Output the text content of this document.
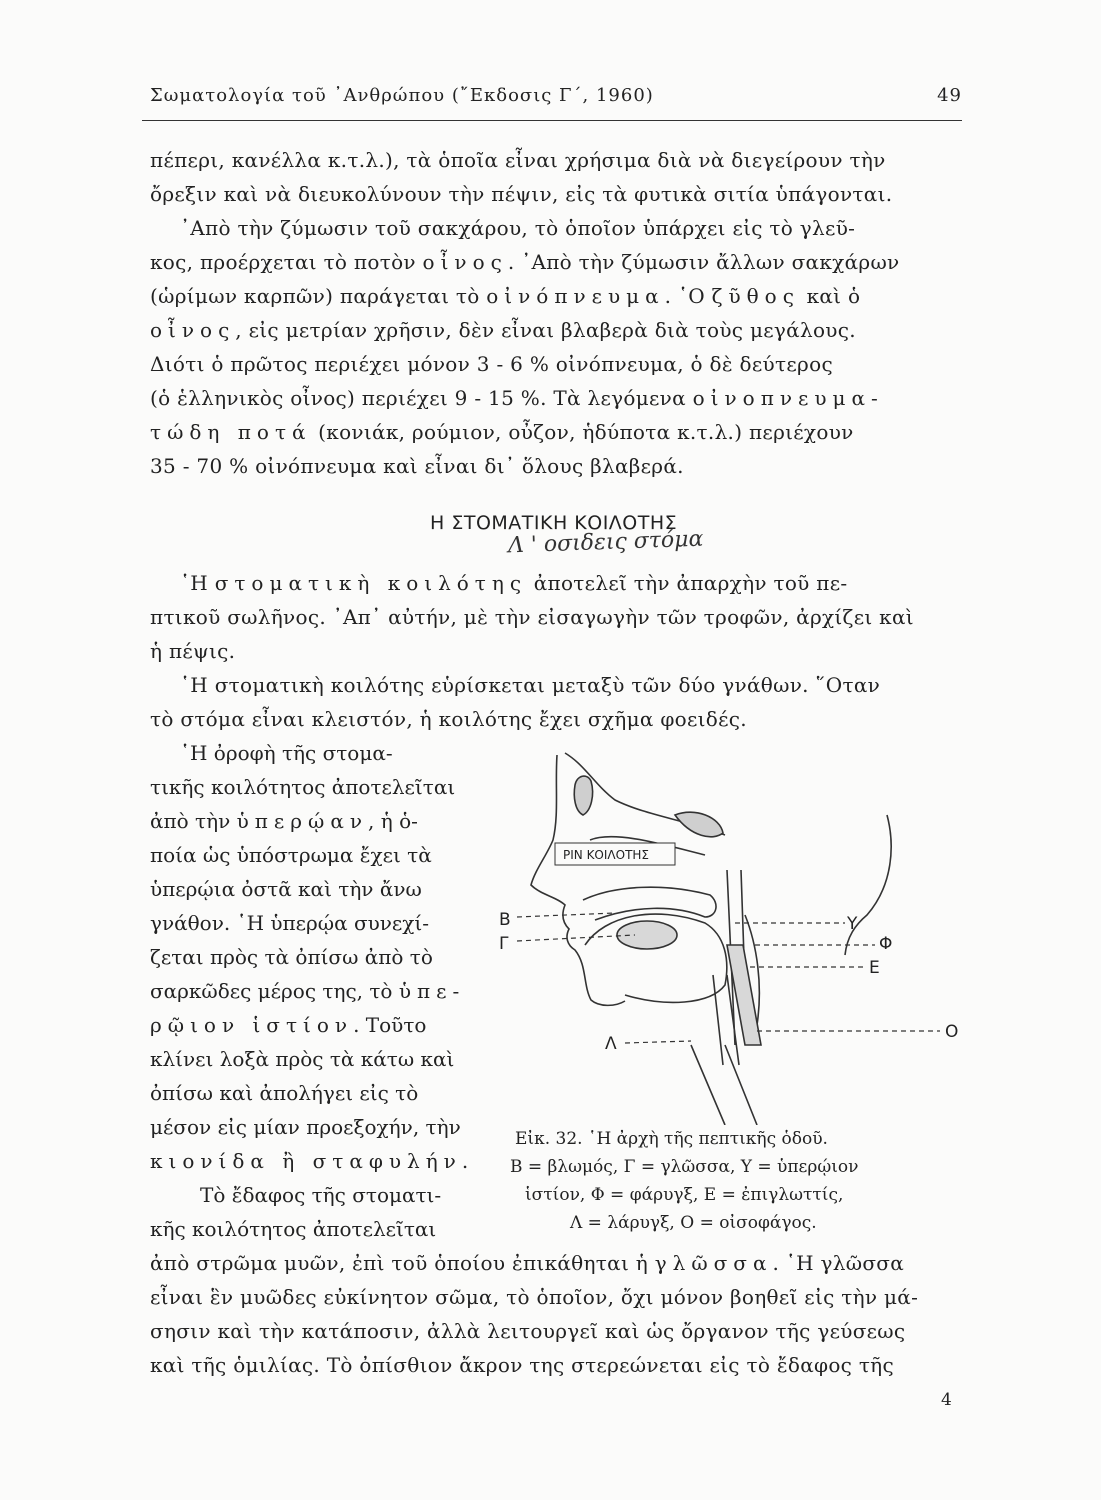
Σωματολογία τοῦ ᾿Ανθρώπου (῎Εκδοσις Γ΄, 1960)	49
πέπερι, κανέλλα κ.τ.λ.), τὰ ὁποῖα εἶναι χρήσιμα διὰ νὰ διεγείρουν τὴν
ὄρεξιν καὶ νὰ διευκολύνουν τὴν πέψιν, εἰς τὰ φυτικὰ σιτία ὑπάγονται.
᾿Απὸ τὴν ζύμωσιν τοῦ σακχάρου, τὸ ὁποῖον ὑπάρχει εἰς τὸ γλεῦ-
κος, προέρχεται τὸ ποτὸν οἶνος. ᾿Απὸ τὴν ζύμωσιν ἄλλων σακχάρων
(ὡρίμων καρπῶν) παράγεται τὸ οἰνόπνευμα. ῾Ο ζῦθος καὶ ὁ
οἶνος, εἰς μετρίαν χρῆσιν, δὲν εἶναι βλαβερὰ διὰ τοὺς μεγάλους.
Διότι ὁ πρῶτος περιέχει μόνον 3 - 6 % οἰνόπνευμα, ὁ δὲ δεύτερος
(ὁ ἑλληνικὸς οἶνος) περιέχει 9 - 15 %. Τὰ λεγόμενα οἰνοπνευμα-
τώδη ποτά (κονιάκ, ρούμιον, οὖζον, ἡδύποτα κ.τ.λ.) περιέχουν
35 - 70 % οἰνόπνευμα καὶ εἶναι δι᾿ ὅλους βλαβερά.
Η ΣΤΟΜΑΤΙΚΗ ΚΟΙΛΟΤΗΣ
Λ ' οσιδεις στόμα
῾Η στοματικὴ κοιλότης ἀποτελεῖ τὴν ἀπαρχὴν τοῦ πε-
πτικοῦ σωλῆνος. ᾿Απ᾿ αὐτήν, μὲ τὴν εἰσαγωγὴν τῶν τροφῶν, ἀρχίζει καὶ
ἡ πέψις.
῾Η στοματικὴ κοιλότης εὑρίσκεται μεταξὺ τῶν δύο γνάθων. ῞Οταν
τὸ στόμα εἶναι κλειστόν, ἡ κοιλότης ἔχει σχῆμα φοειδές.
῾Η ὀροφὴ τῆς στομα-
τικῆς κοιλότητος ἀποτελεῖται
ἀπὸ τὴν ὑπερῴαν, ἡ ὁ-
ποία ὡς ὑπόστρωμα ἔχει τὰ
ὑπερῴια ὀστᾶ καὶ τὴν ἄνω
γνάθον. ῾Η ὑπερῴα συνεχί-
ζεται πρὸς τὰ ὀπίσω ἀπὸ τὸ
σαρκῶδες μέρος της, τὸ ὑπε-
ρῷιον ἱστίον. Τοῦτο
κλίνει λοξὰ πρὸς τὰ κάτω καὶ
ὀπίσω καὶ ἀπολήγει εἰς τὸ
μέσον εἰς μίαν προεξοχήν, τὴν
κιονίδα ἢ σταφυλήν.
Τὸ ἔδαφος τῆς στοματι-
κῆς κοιλότητος ἀποτελεῖται
ΡΙΝ ΚΟΙΛΟΤΗΣ
Β
Γ
Υ
Φ
Ε
Ο
Λ
Εἰκ. 32. ῾Η ἀρχὴ τῆς πεπτικῆς ὁδοῦ.
Β = βλωμός, Γ = γλῶσσα, Υ = ὑπερῴιον
ἱστίον, Φ = φάρυγξ, Ε = ἐπιγλωττίς,
Λ = λάρυγξ, Ο = οἰσοφάγος.
ἀπὸ στρῶμα μυῶν, ἐπὶ τοῦ ὁποίου ἐπικάθηται ἡ γλῶσσα. ῾Η γλῶσσα
εἶναι ἓν μυῶδες εὐκίνητον σῶμα, τὸ ὁποῖον, ὄχι μόνον βοηθεῖ εἰς τὴν μά-
σησιν καὶ τὴν κατάποσιν, ἀλλὰ λειτουργεῖ καὶ ὡς ὄργανον τῆς γεύσεως
καὶ τῆς ὁμιλίας. Τὸ ὀπίσθιον ἄκρον της στερεώνεται εἰς τὸ ἔδαφος τῆς
4
